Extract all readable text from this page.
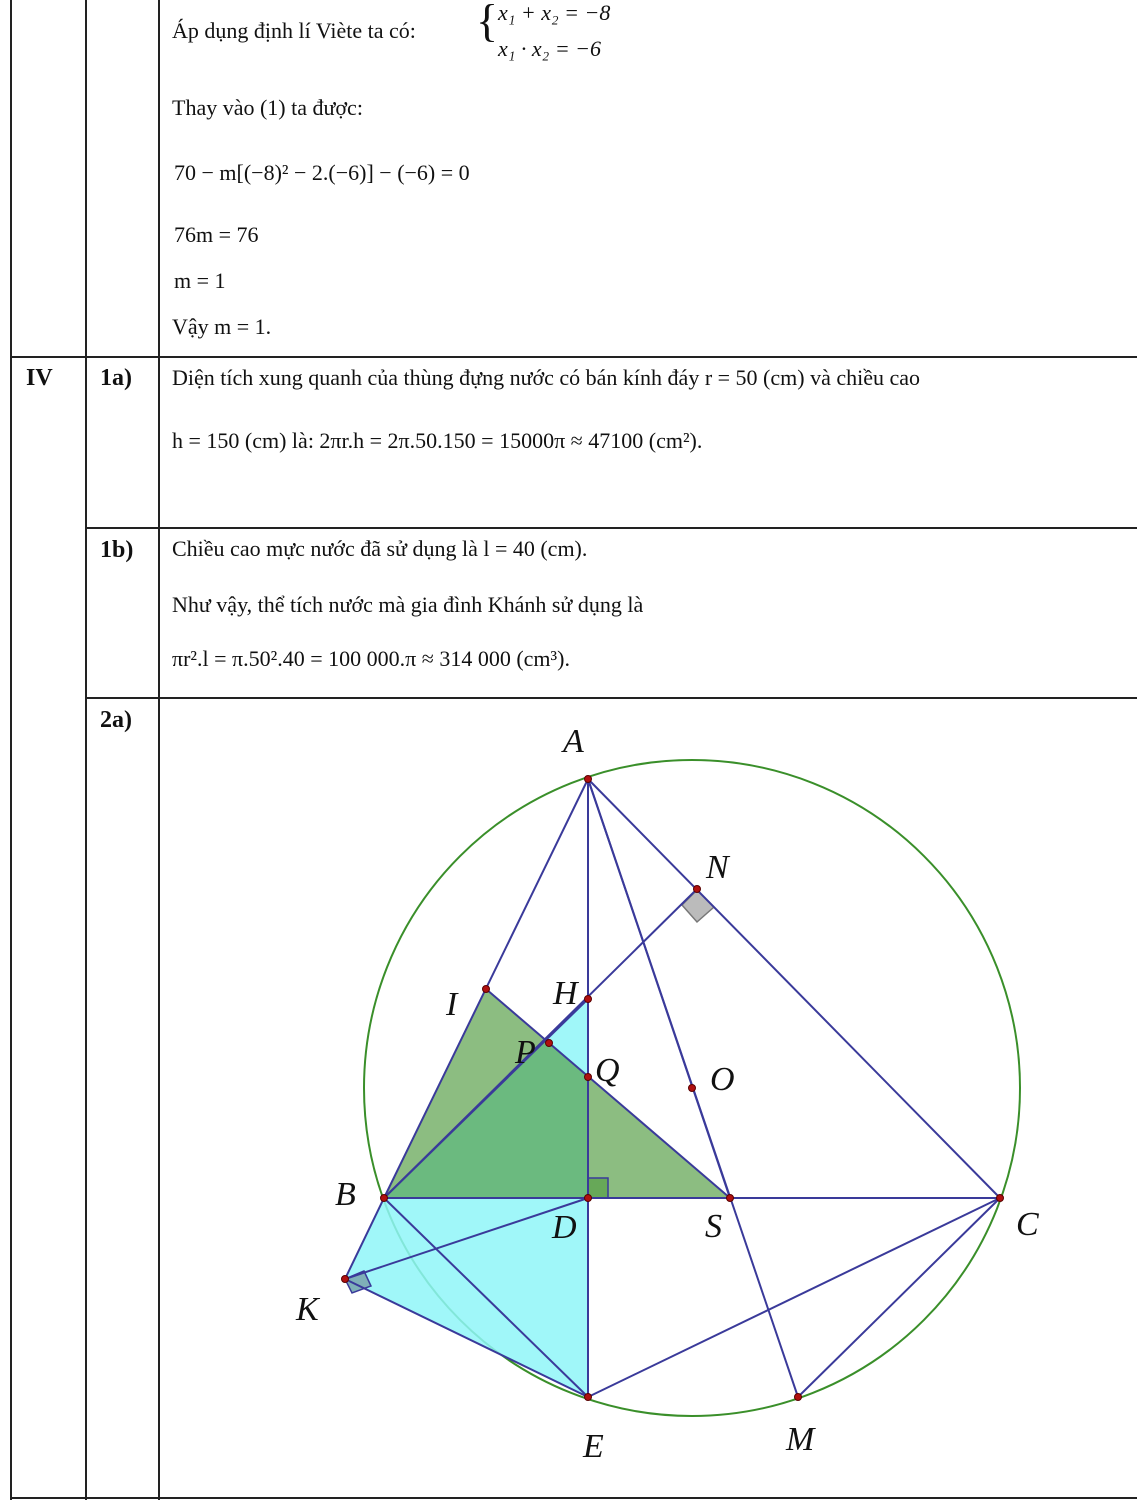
Áp dụng định lí Viète ta có: { x₁ + x₂ = −8
x₁ · x₂ = −6
Thay vào (1) ta được:
70 − m[(−8)² − 2.(−6)] − (−6) = 0
76m = 76
m = 1
Vậy m = 1.
IV 1a) Diện tích xung quanh của thùng đựng nước có bán kính đáy r = 50 (cm) và chiều cao
h = 150 (cm) là: 2πr.h = 2π.50.150 = 15000π ≈ 47100 (cm²).
1b) Chiều cao mực nước đã sử dụng là l = 40 (cm).
Như vậy, thể tích nước mà gia đình Khánh sử dụng là
πr².l = π.50².40 = 100 000.π ≈ 314 000 (cm³).
2a)
A
N
I	H
P Q	O
B
D	S	C
K
E	M
